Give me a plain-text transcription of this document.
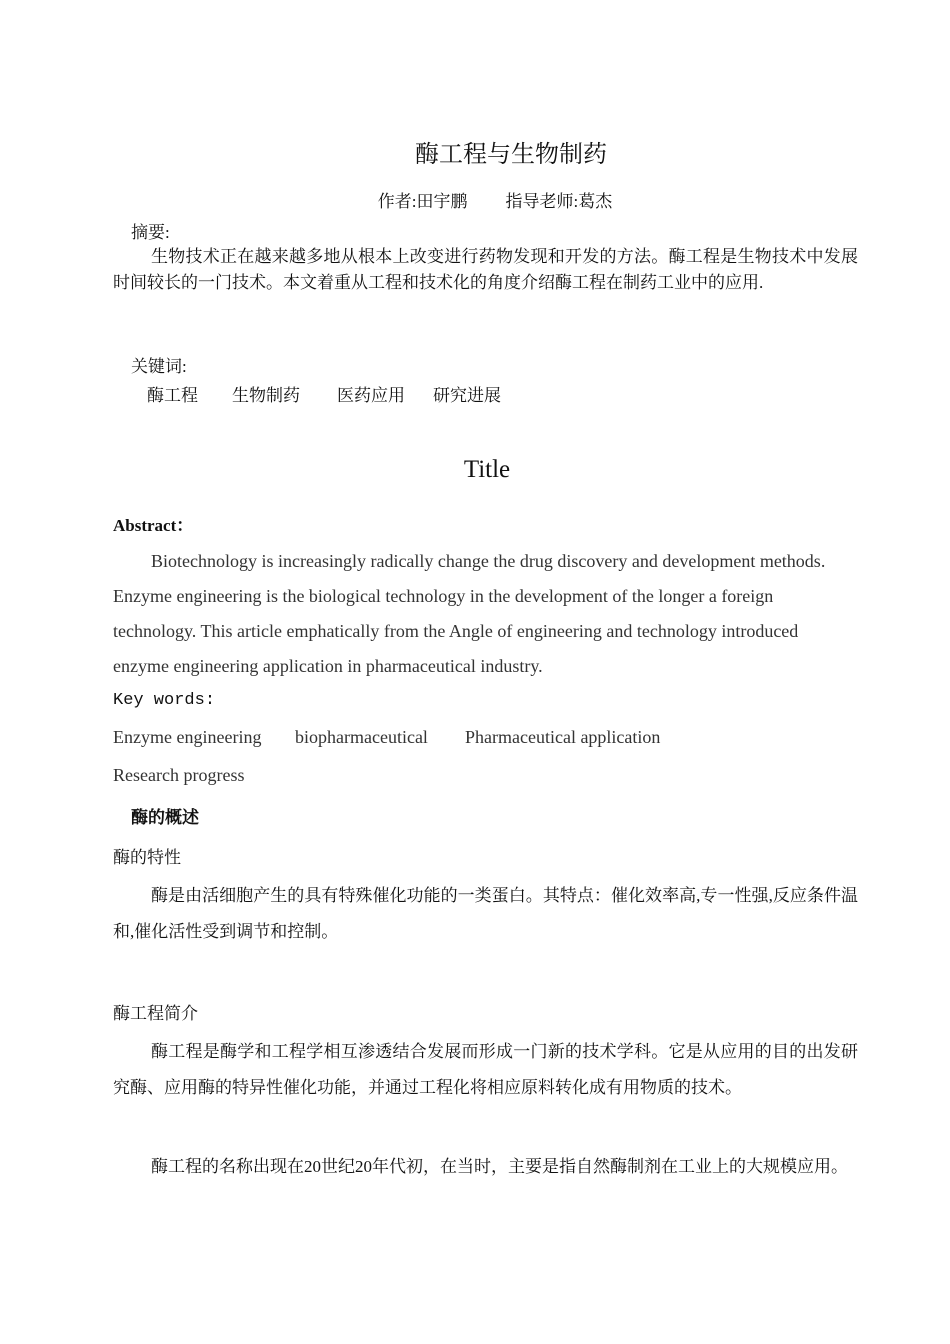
酶工程与生物制药
作者:田宇鹏 指导老师:葛杰
摘要:
生物技术正在越来越多地从根本上改变进行药物发现和开发的方法。酶工程是生物技术中发展时间较长的一门技术。本文着重从工程和技术化的角度介绍酶工程在制药工业中的应用.
关键词:
酶工程 生物制药 医药应用 研究进展
Title
Abstract：
Biotechnology is increasingly radically change the drug discovery and development methods. Enzyme engineering is the biological technology in the development of the longer a foreign technology. This article emphatically from the Angle of engineering and technology introduced enzyme engineering application in pharmaceutical industry.
Key words:
Enzyme engineering biopharmaceutical Pharmaceutical application
Research progress
酶的概述
酶的特性
酶是由活细胞产生的具有特殊催化功能的一类蛋白。其特点：催化效率高,专一性强,反应条件温和,催化活性受到调节和控制。
酶工程简介
酶工程是酶学和工程学相互渗透结合发展而形成一门新的技术学科。它是从应用的目的出发研究酶、应用酶的特异性催化功能，并通过工程化将相应原料转化成有用物质的技术。
酶工程的名称出现在20世纪20年代初，在当时，主要是指自然酶制剂在工业上的大规模应用。
